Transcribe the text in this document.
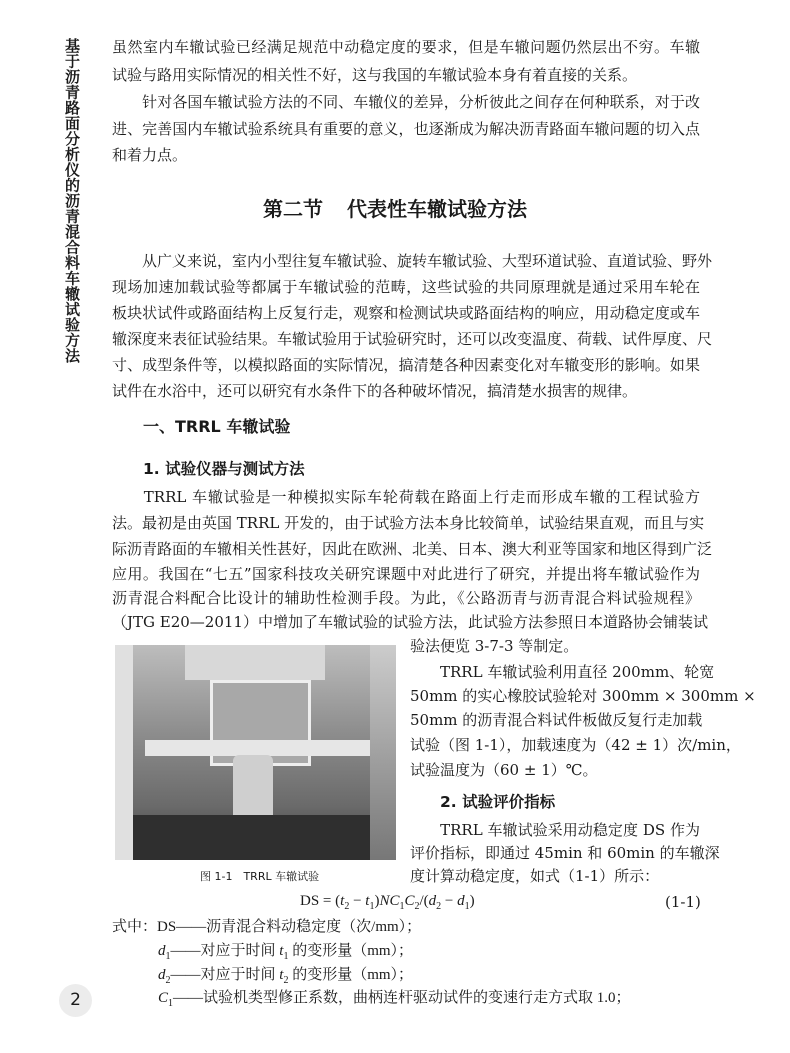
基于沥青路面分析仪的沥青混合料车辙试验方法 虽然室内车辙试验已经满足规范中动稳定度的要求，但是车辙问题仍然层出不穷。车辙
试验与路用实际情况的相关性不好，这与我国的车辙试验本身有着直接的关系。
　　针对各国车辙试验方法的不同、车辙仪的差异，分析彼此之间存在何种联系，对于改
进、完善国内车辙试验系统具有重要的意义，也逐渐成为解决沥青路面车辙问题的切入点
和着力点。
第二节 代表性车辙试验方法
　　从广义来说，室内小型往复车辙试验、旋转车辙试验、大型环道试验、直道试验、野外
现场加速加载试验等都属于车辙试验的范畴，这些试验的共同原理就是通过采用车轮在
板块状试件或路面结构上反复行走，观察和检测试块或路面结构的响应，用动稳定度或车
辙深度来表征试验结果。车辙试验用于试验研究时，还可以改变温度、荷载、试件厚度、尺
寸、成型条件等，以模拟路面的实际情况，搞清楚各种因素变化对车辙变形的影响。如果
试件在水浴中，还可以研究有水条件下的各种破坏情况，搞清楚水损害的规律。
一、TRRL 车辙试验
1. 试验仪器与测试方法
　　TRRL 车辙试验是一种模拟实际车轮荷载在路面上行走而形成车辙的工程试验方
法。最初是由英国 TRRL 开发的，由于试验方法本身比较简单，试验结果直观，而且与实
际沥青路面的车辙相关性甚好，因此在欧洲、北美、日本、澳大利亚等国家和地区得到广泛
应用。我国在“七五”国家科技攻关研究课题中对此进行了研究，并提出将车辙试验作为
沥青混合料配合比设计的辅助性检测手段。为此，《公路沥青与沥青混合料试验规程》
（JTG E20—2011）中增加了车辙试验的试验方法，此试验方法参照日本道路协会铺装试
验法便览 3-7-3 等制定。
　　TRRL 车辙试验利用直径 200mm、轮宽
50mm 的实心橡胶试验轮对 300mm × 300mm ×
50mm 的沥青混合料试件板做反复行走加载
试验（图 1-1），加载速度为（42 ± 1）次/min，
试验温度为（60 ± 1）℃。
2. 试验评价指标
　　TRRL 车辙试验采用动稳定度 DS 作为
评价指标，即通过 45min 和 60min 的车辙深
度计算动稳定度，如式（1-1）所示：
图 1-1　TRRL 车辙试验
DS = $(t_2 - t_1)NC_1C_2/(d_2 - d_1)$	(1-1)
式中：DS——沥青混合料动稳定度（次/mm）；
$d_1——$对应于时间 $t_1$ 的变形量（mm）；
$d_2——$对应于时间 $t_2$ 的变形量（mm）；
$C_1——$试验机类型修正系数，曲柄连杆驱动试件的变速行走方式取 1.0；
2
